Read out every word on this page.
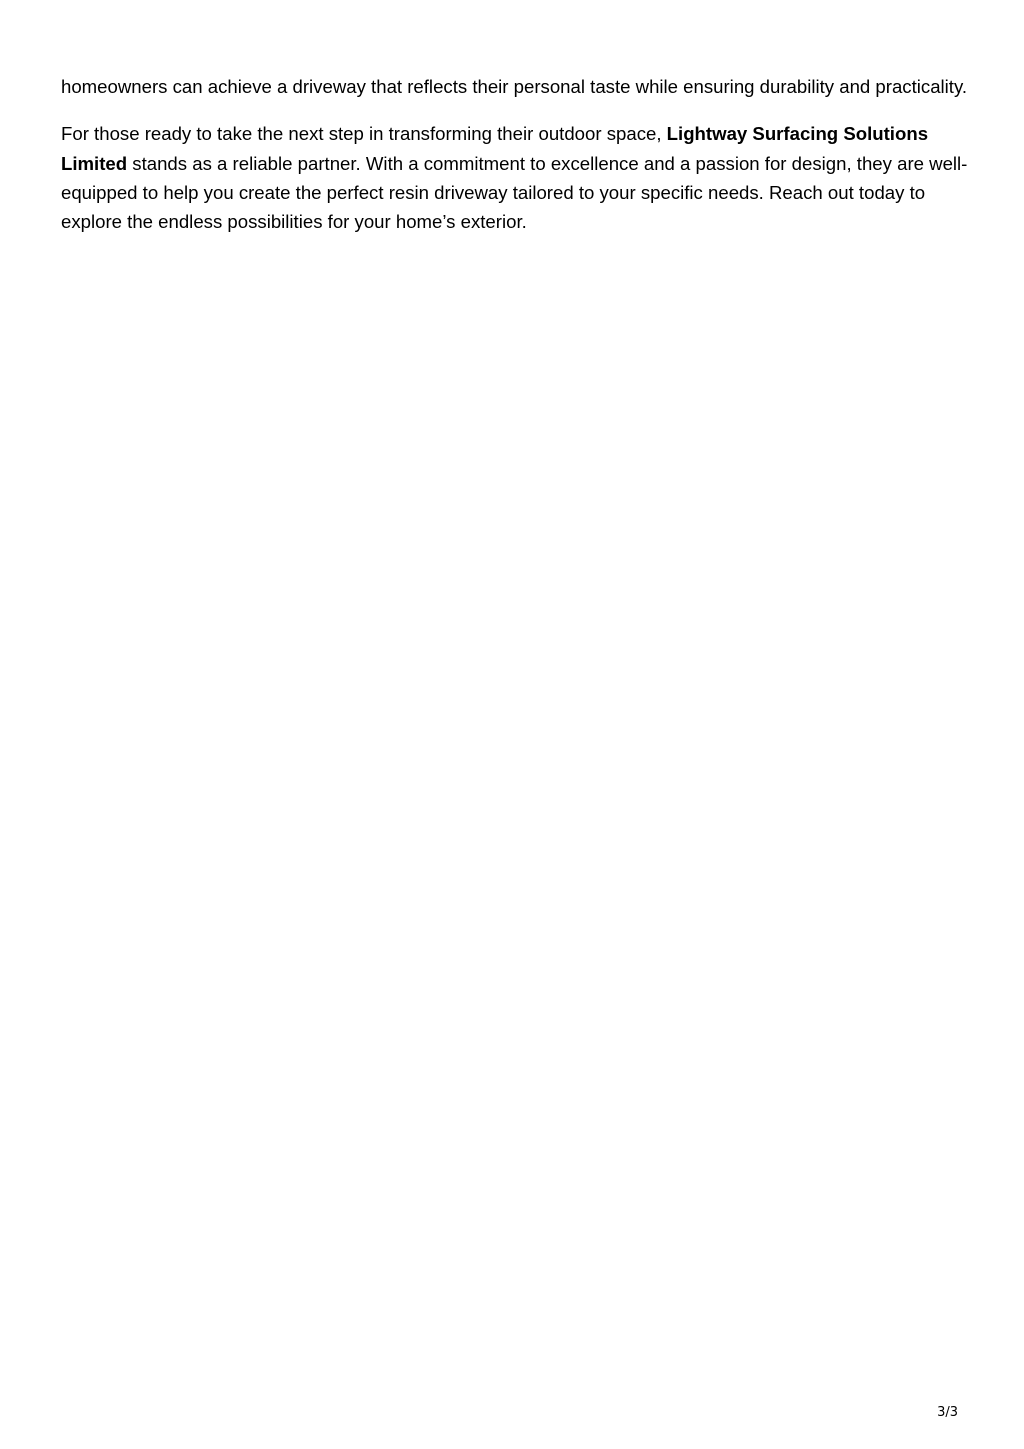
homeowners can achieve a driveway that reflects their personal taste while ensuring durability and practicality.

For those ready to take the next step in transforming their outdoor space, Lightway Surfacing Solutions Limited stands as a reliable partner. With a commitment to excellence and a passion for design, they are well-equipped to help you create the perfect resin driveway tailored to your specific needs. Reach out today to explore the endless possibilities for your home’s exterior.

3/3
